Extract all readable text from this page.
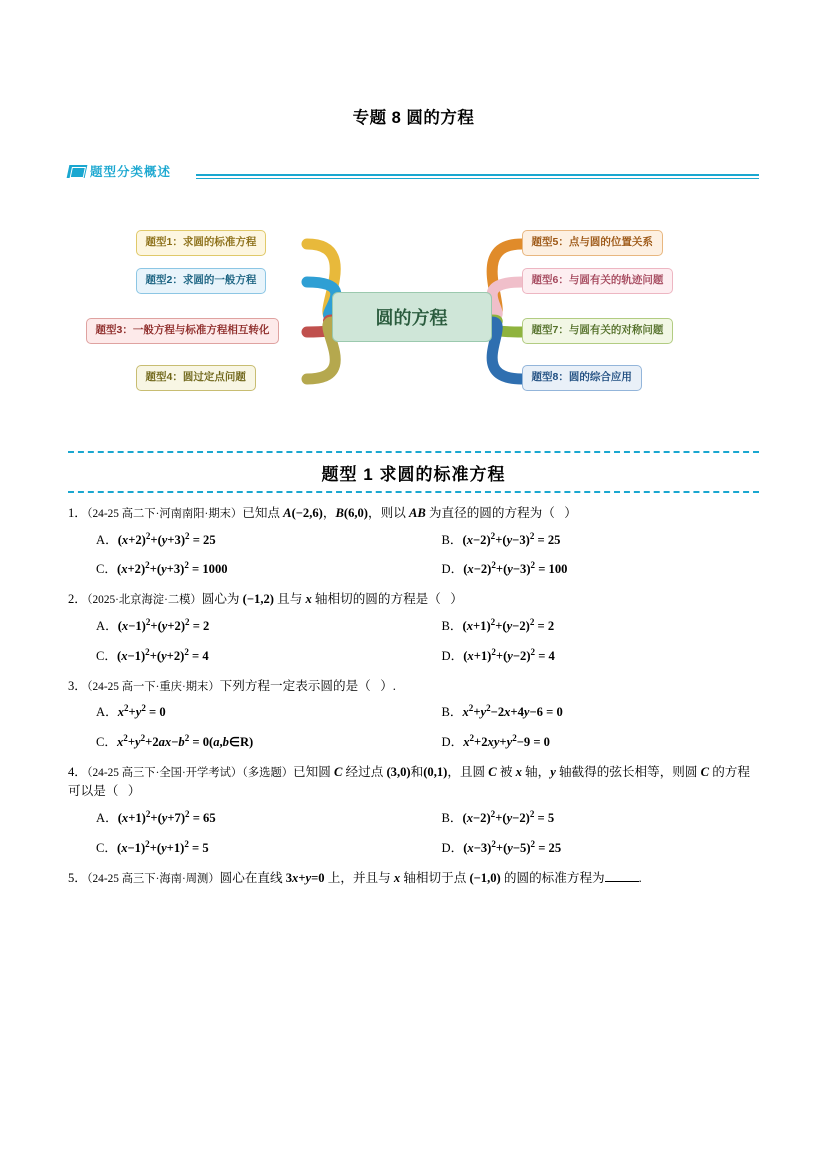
专题 8 圆的方程
题型分类概述
圆的方程
题型1：求圆的标准方程
题型2：求圆的一般方程
题型3：一般方程与标准方程相互转化
题型4：圆过定点问题
题型5：点与圆的位置关系
题型6：与圆有关的轨迹问题
题型7：与圆有关的对称问题
题型8：圆的综合应用
题型 1 求圆的标准方程
1．（24-25 高二下·河南南阳·期末）已知点 A(−2,6)，B(6,0)，则以 AB 为直径的圆的方程为（   ）
A．$(x+2)^2+(y+3)^2 = 25$	B．$(x-2)^2+(y-3)^2 = 25$
C．$(x+2)^2+(y+3)^2 = 1000$	D．$(x-2)^2+(y-3)^2 = 100$
2．（2025·北京海淀·二模）圆心为 (−1,2) 且与 x 轴相切的圆的方程是（   ）
A．$(x-1)^2+(y+2)^2 = 2$	B．$(x+1)^2+(y-2)^2 = 2$
C．$(x-1)^2+(y+2)^2 = 4$	D．$(x+1)^2+(y-2)^2 = 4$
3．（24-25 高一下·重庆·期末）下列方程一定表示圆的是（   ）.
A．$x^2+y^2 = 0$	B．$x^2+y^2-2x+4y-6 = 0$
C．$x^2+y^2+2ax-b^2$ = 0(a,b∈R)	D．$x^2+2xy+y^2-9 = 0$
4．（24-25 高三下·全国·开学考试）（多选题）已知圆 C 经过点 (3,0)和(0,1)，且圆 C 被 x 轴，y 轴截得的弦长相等，则圆 C 的方程可以是（   ）
A．$(x+1)^2+(y+7)^2 = 65$	B．$(x-2)^2+(y-2)^2 = 5$
C．$(x-1)^2+(y+1)^2 = 5$	D．$(x-3)^2+(y-5)^2 = 25$
5．（24-25 高三下·海南·周测）圆心在直线 3x+y=0 上，并且与 x 轴相切于点 (−1,0) 的圆的标准方程为	.
